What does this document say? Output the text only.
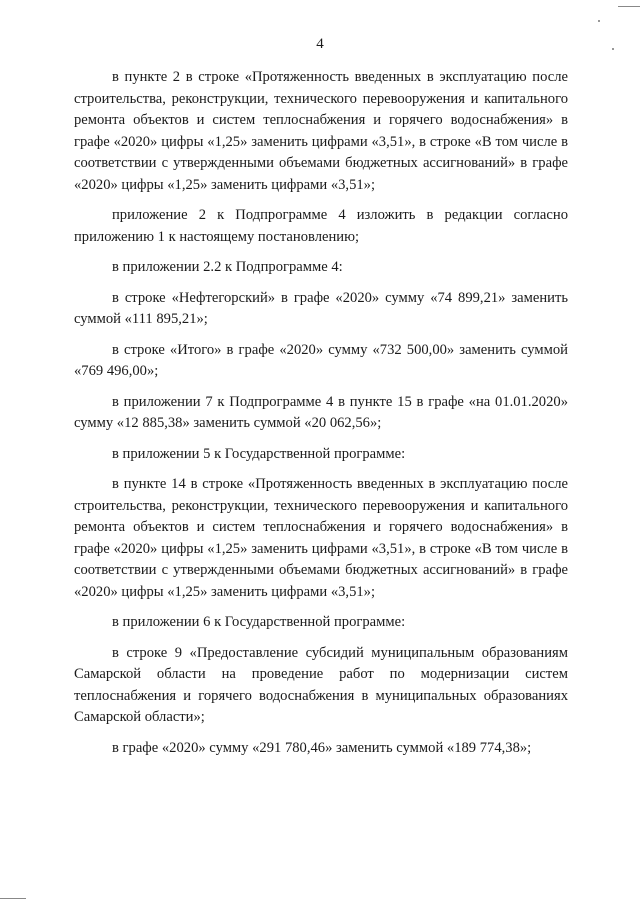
4

в пункте 2 в строке «Протяженность введенных в эксплуатацию после строительства, реконструкции, технического перевооружения и капитального ремонта объектов и систем теплоснабжения и горячего водоснабжения» в графе «2020» цифры «1,25» заменить цифрами «3,51», в строке «В том числе в соответствии с утвержденными объемами бюджетных ассигнований» в графе «2020» цифры «1,25» заменить цифрами «3,51»;

приложение 2 к Подпрограмме 4 изложить в редакции согласно приложению 1 к настоящему постановлению;

в приложении 2.2 к Подпрограмме 4:

в строке «Нефтегорский» в графе «2020» сумму «74 899,21» заменить суммой «111 895,21»;

в строке «Итого» в графе «2020» сумму «732 500,00» заменить суммой «769 496,00»;

в приложении 7 к Подпрограмме 4 в пункте 15 в графе «на 01.01.2020» сумму «12 885,38» заменить суммой «20 062,56»;

в приложении 5 к Государственной программе:

в пункте 14 в строке «Протяженность введенных в эксплуатацию после строительства, реконструкции, технического перевооружения и капитального ремонта объектов и систем теплоснабжения и горячего водоснабжения» в графе «2020» цифры «1,25» заменить цифрами «3,51», в строке «В том числе в соответствии с утвержденными объемами бюджетных ассигнований» в графе «2020» цифры «1,25» заменить цифрами «3,51»;

в приложении 6 к Государственной программе:

в строке 9 «Предоставление субсидий муниципальным образованиям Самарской области на проведение работ по модернизации систем теплоснабжения и горячего водоснабжения в муниципальных образованиях Самарской области»;

в графе «2020» сумму «291 780,46» заменить суммой «189 774,38»;
